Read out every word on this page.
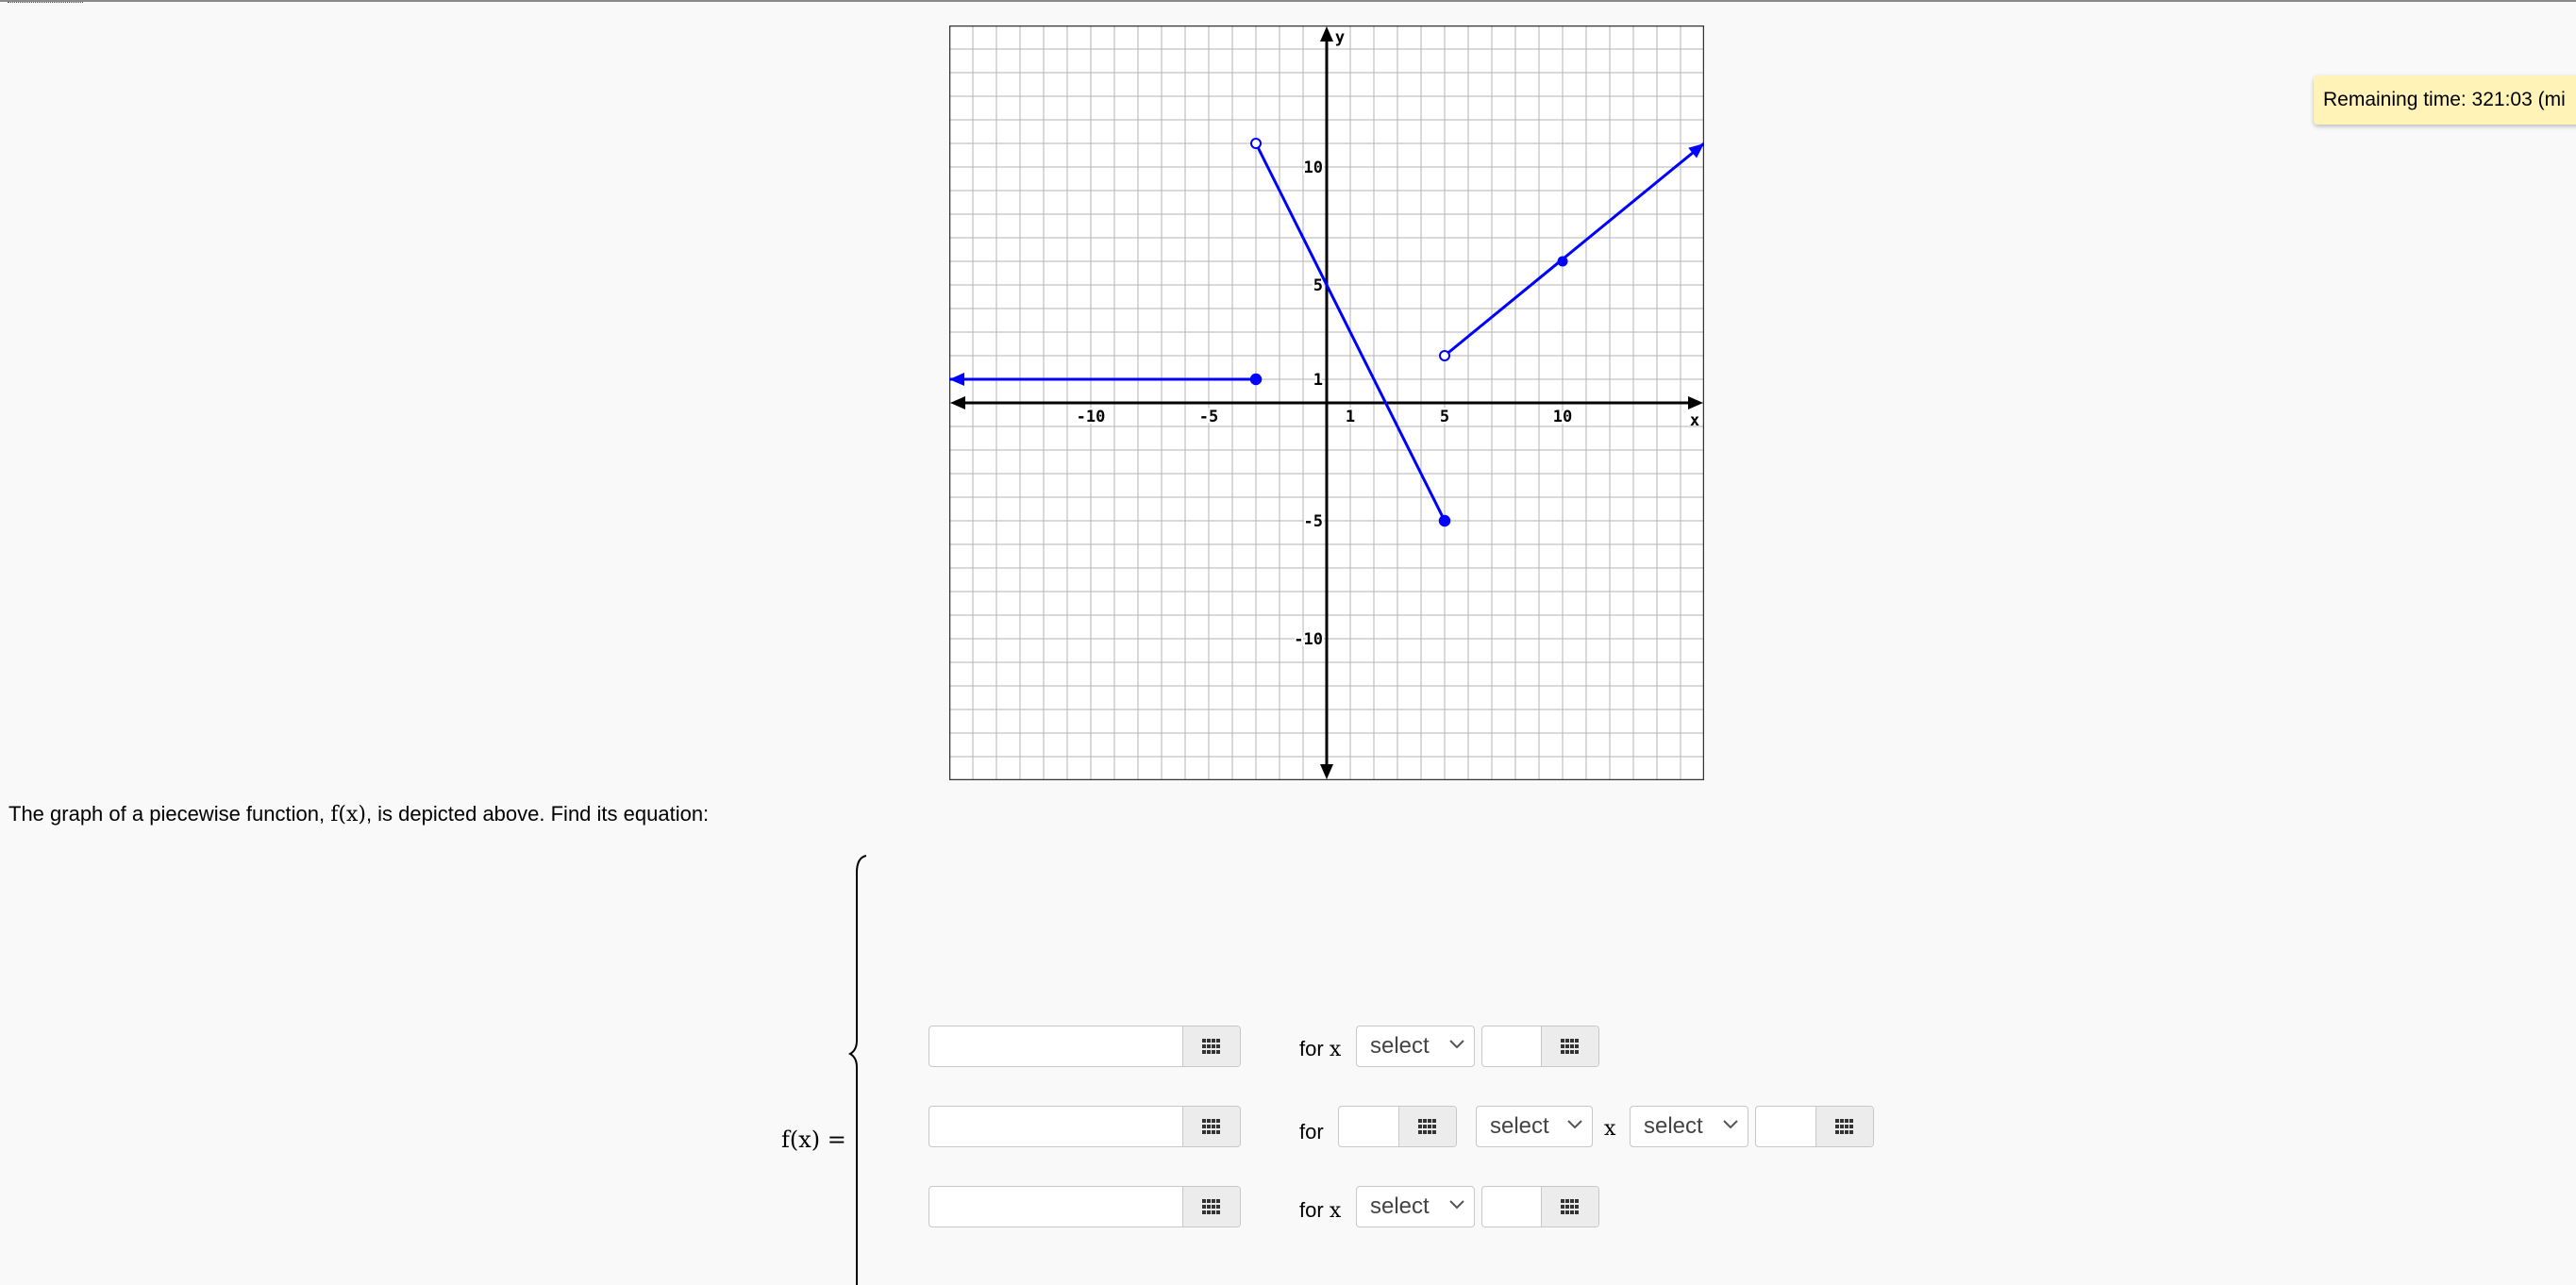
-10	-5	1	5	10
10
5
1
-5
-10
x
y
Remaining time: 321:03 (mi
The graph of a piecewise function, f(x), is depicted above. Find its equation:
f(x) =
for x	select
for	select	x	select
for x	select
